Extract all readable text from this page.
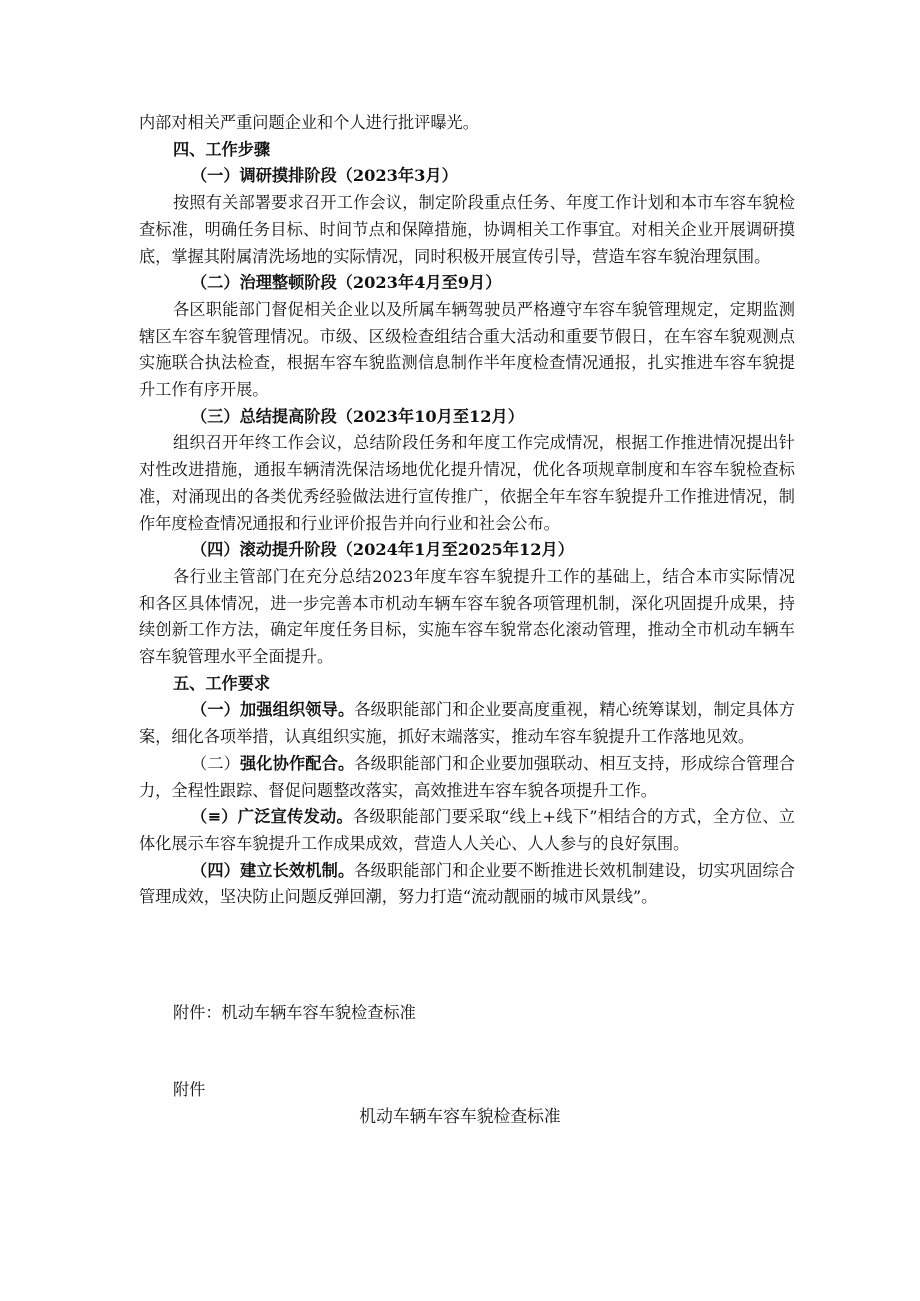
内部对相关严重问题企业和个人进行批评曝光。

四、工作步骤

（一）调研摸排阶段（2023年3月）

按照有关部署要求召开工作会议，制定阶段重点任务、年度工作计划和本市车容车貌检查标准，明确任务目标、时间节点和保障措施，协调相关工作事宜。对相关企业开展调研摸底，掌握其附属清洗场地的实际情况，同时积极开展宣传引导，营造车容车貌治理氛围。

（二）治理整顿阶段（2023年4月至9月）

各区职能部门督促相关企业以及所属车辆驾驶员严格遵守车容车貌管理规定，定期监测辖区车容车貌管理情况。市级、区级检查组结合重大活动和重要节假日，在车容车貌观测点实施联合执法检查，根据车容车貌监测信息制作半年度检查情况通报，扎实推进车容车貌提升工作有序开展。

（三）总结提高阶段（2023年10月至12月）

组织召开年终工作会议，总结阶段任务和年度工作完成情况，根据工作推进情况提出针对性改进措施，通报车辆清洗保洁场地优化提升情况，优化各项规章制度和车容车貌检查标准，对涌现出的各类优秀经验做法进行宣传推广，依据全年车容车貌提升工作推进情况，制作年度检查情况通报和行业评价报告并向行业和社会公布。

（四）滚动提升阶段（2024年1月至2025年12月）

各行业主管部门在充分总结2023年度车容车貌提升工作的基础上，结合本市实际情况和各区具体情况，进一步完善本市机动车辆车容车貌各项管理机制，深化巩固提升成果，持续创新工作方法，确定年度任务目标，实施车容车貌常态化滚动管理，推动全市机动车辆车容车貌管理水平全面提升。

五、工作要求

（一）加强组织领导。各级职能部门和企业要高度重视，精心统筹谋划，制定具体方案，细化各项举措，认真组织实施，抓好末端落实，推动车容车貌提升工作落地见效。

（二）强化协作配合。各级职能部门和企业要加强联动、相互支持，形成综合管理合力，全程性跟踪、督促问题整改落实，高效推进车容车貌各项提升工作。

（≡）广泛宣传发动。各级职能部门要采取“线上+线下”相结合的方式，全方位、立体化展示车容车貌提升工作成果成效，营造人人关心、人人参与的良好氛围。

（四）建立长效机制。各级职能部门和企业要不断推进长效机制建设，切实巩固综合管理成效，坚决防止问题反弹回潮，努力打造“流动靓丽的城市风景线”。

附件：机动车辆车容车貌检查标准
附件
机动车辆车容车貌检查标准
